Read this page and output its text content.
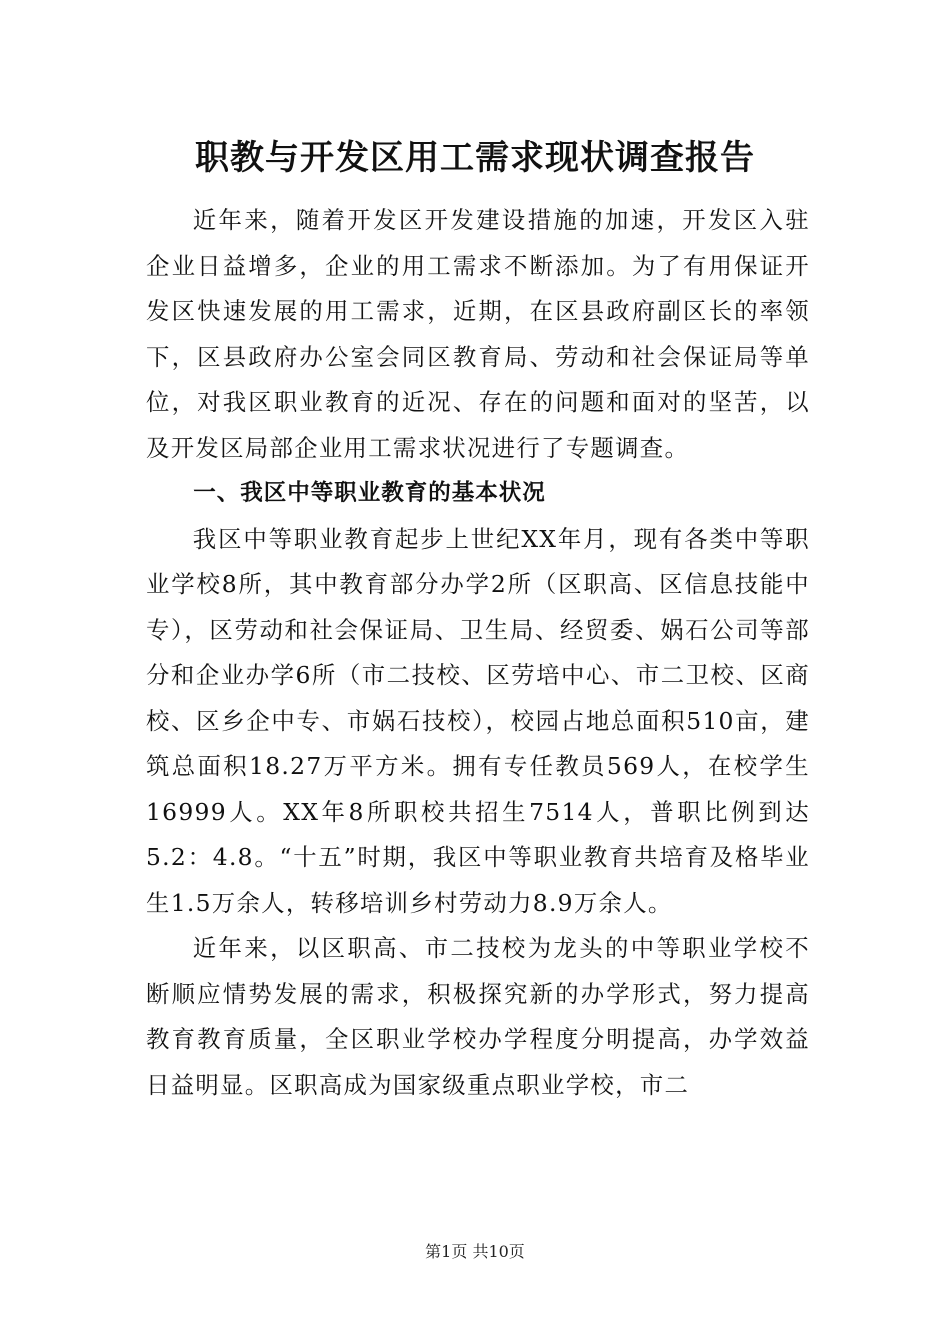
职教与开发区用工需求现状调查报告

近年来，随着开发区开发建设措施的加速，开发区入驻企业日益增多，企业的用工需求不断添加。为了有用保证开发区快速发展的用工需求，近期，在区县政府副区长的率领下，区县政府办公室会同区教育局、劳动和社会保证局等单位，对我区职业教育的近况、存在的问题和面对的坚苦，以及开发区局部企业用工需求状况进行了专题调查。

一、我区中等职业教育的基本状况

我区中等职业教育起步上世纪XX年月，现有各类中等职业学校8所，其中教育部分办学2所（区职高、区信息技能中专），区劳动和社会保证局、卫生局、经贸委、娲石公司等部分和企业办学6所（市二技校、区劳培中心、市二卫校、区商校、区乡企中专、市娲石技校），校园占地总面积510亩，建筑总面积18.27万平方米。拥有专任教员569人，在校学生16999人。XX年8所职校共招生7514人，普职比例到达5.2：4.8。“十五”时期，我区中等职业教育共培育及格毕业生1.5万余人，转移培训乡村劳动力8.9万余人。

近年来，以区职高、市二技校为龙头的中等职业学校不断顺应情势发展的需求，积极探究新的办学形式，努力提高教育教育质量，全区职业学校办学程度分明提高，办学效益日益明显。区职高成为国家级重点职业学校，市二

第1页 共10页
